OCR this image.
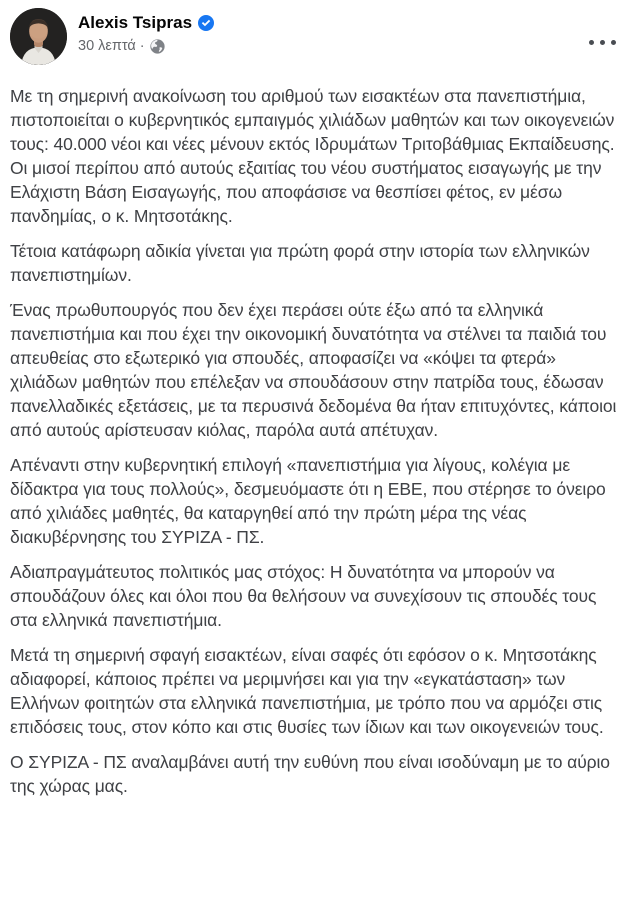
Alexis Tsipras
30 λεπτά ·

Με τη σημερινή ανακοίνωση του αριθμού των εισακτέων στα πανεπιστήμια, πιστοποιείται ο κυβερνητικός εμπαιγμός χιλιάδων μαθητών και των οικογενειών τους: 40.000 νέοι και νέες μένουν εκτός Ιδρυμάτων Τριτοβάθμιας Εκπαίδευσης. Οι μισοί περίπου από αυτούς εξαιτίας του νέου συστήματος εισαγωγής με την Ελάχιστη Βάση Εισαγωγής, που αποφάσισε να θεσπίσει φέτος, εν μέσω πανδημίας, ο κ. Μητσοτάκης.

Τέτοια κατάφωρη αδικία γίνεται για πρώτη φορά στην ιστορία των ελληνικών πανεπιστημίων.

Ένας πρωθυπουργός που δεν έχει περάσει ούτε έξω από τα ελληνικά πανεπιστήμια και που έχει την οικονομική δυνατότητα να στέλνει τα παιδιά του απευθείας στο εξωτερικό για σπουδές, αποφασίζει να «κόψει τα φτερά» χιλιάδων μαθητών που επέλεξαν να σπουδάσουν στην πατρίδα τους, έδωσαν πανελλαδικές εξετάσεις, με τα περυσινά δεδομένα θα ήταν επιτυχόντες, κάποιοι από αυτούς αρίστευσαν κιόλας, παρόλα αυτά απέτυχαν.

Απέναντι στην κυβερνητική επιλογή «πανεπιστήμια για λίγους, κολέγια με δίδακτρα για τους πολλούς», δεσμευόμαστε ότι η ΕΒΕ, που στέρησε το όνειρο από χιλιάδες μαθητές, θα καταργηθεί από την πρώτη μέρα της νέας διακυβέρνησης του ΣΥΡΙΖΑ - ΠΣ.

Αδιαπραγμάτευτος πολιτικός μας στόχος: Η δυνατότητα να μπορούν να σπουδάζουν όλες και όλοι που θα θελήσουν να συνεχίσουν τις σπουδές τους στα ελληνικά πανεπιστήμια.

Μετά τη σημερινή σφαγή εισακτέων, είναι σαφές ότι εφόσον ο κ. Μητσοτάκης αδιαφορεί, κάποιος πρέπει να μεριμνήσει και για την «εγκατάσταση» των Ελλήνων φοιτητών στα ελληνικά πανεπιστήμια, με τρόπο που να αρμόζει στις επιδόσεις τους, στον κόπο και στις θυσίες των ίδιων και των οικογενειών τους.

Ο ΣΥΡΙΖΑ - ΠΣ αναλαμβάνει αυτή την ευθύνη που είναι ισοδύναμη με το αύριο της χώρας μας.
